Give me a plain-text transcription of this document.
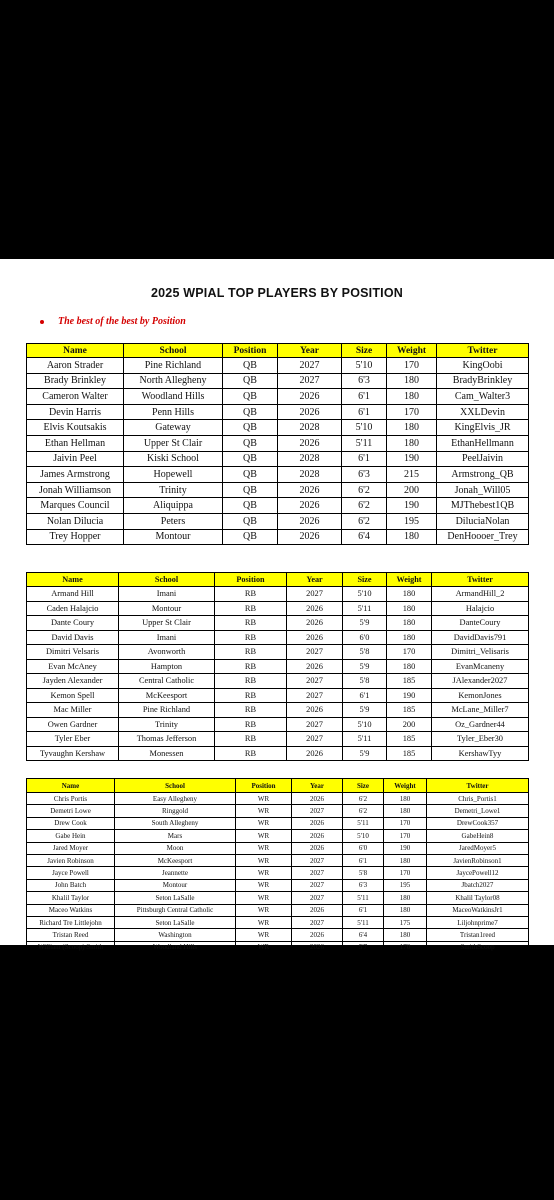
2025 WPIAL TOP PLAYERS BY POSITION
The best of the best by Position
Name	School	Position	Year	Size	Weight	Twitter
Aaron Strader	Pine Richland	QB	2027	5'10	170	KingOobi
Brady Brinkley	North Allegheny	QB	2027	6'3	180	BradyBrinkley
Cameron Walter	Woodland Hills	QB	2026	6'1	180	Cam_Walter3
Devin Harris	Penn Hills	QB	2026	6'1	170	XXLDevin
Elvis Koutsakis	Gateway	QB	2028	5'10	180	KingElvis_JR
Ethan Hellman	Upper St Clair	QB	2026	5'11	180	EthanHellmann
Jaivin Peel	Kiski School	QB	2028	6'1	190	PeelJaivin
James Armstrong	Hopewell	QB	2028	6'3	215	Armstrong_QB
Jonah Williamson	Trinity	QB	2026	6'2	200	Jonah_Will05
Marques Council	Aliquippa	QB	2026	6'2	190	MJThebest1QB
Nolan Dilucia	Peters	QB	2026	6'2	195	DiluciaNolan
Trey Hopper	Montour	QB	2026	6'4	180	DenHoooer_Trey
Name	School	Position	Year	Size	Weight	Twitter
Armand Hill	Imani	RB	2027	5'10	180	ArmandHill_2
Caden Halajcio	Montour	RB	2026	5'11	180	Halajcio
Dante Coury	Upper St Clair	RB	2026	5'9	180	DanteCoury
David Davis	Imani	RB	2026	6'0	180	DavidDavis791
Dimitri Velsaris	Avonworth	RB	2027	5'8	170	Dimitri_Velisaris
Evan McAney	Hampton	RB	2026	5'9	180	EvanMcaneny
Jayden Alexander	Central Catholic	RB	2027	5'8	185	JAlexander2027
Kemon Spell	McKeesport	RB	2027	6'1	190	KemonJones
Mac Miller	Pine Richland	RB	2026	5'9	185	McLane_Miller7
Owen Gardner	Trinity	RB	2027	5'10	200	Oz_Gardner44
Tyler Eber	Thomas Jefferson	RB	2027	5'11	185	Tyler_Eber30
Tyvaughn Kershaw	Monessen	RB	2026	5'9	185	KershawTyy
Name	School	Position	Year	Size	Weight	Twitter
Chris Portis	Easy Allegheny	WR	2026	6'2	180	Chris_Portis1
Demetri Lowe	Ringgold	WR	2027	6'2	180	Demetri_Lowe1
Drew Cook	South Allegheny	WR	2026	5'11	170	DrewCook357
Gabe Hein	Mars	WR	2026	5'10	170	GabeHein8
Jared Moyer	Moon	WR	2026	6'0	190	JaredMoyer5
Javien Robinson	McKeesport	WR	2027	6'1	180	JavienRobinson1
Jayce Powell	Jeannette	WR	2027	5'8	170	JaycePowell12
John Batch	Montour	WR	2027	6'3	195	Jbatch2027
Khalil Taylor	Seton LaSalle	WR	2027	5'11	180	Khalil Taylor08
Maceo Watkins	Pittsburgh Central Catholic	WR	2026	6'1	180	MaceoWatkinsJr1
Richard Tre Littlejohn	Seton LaSalle	WR	2027	5'11	175	Liljohnprime7
Tristan Reed	Washington	WR	2026	6'4	180	Tristan1reed
William (Scoop) Smith	Woodland Hills	WR	2026	5'7	170	SmithScoop
